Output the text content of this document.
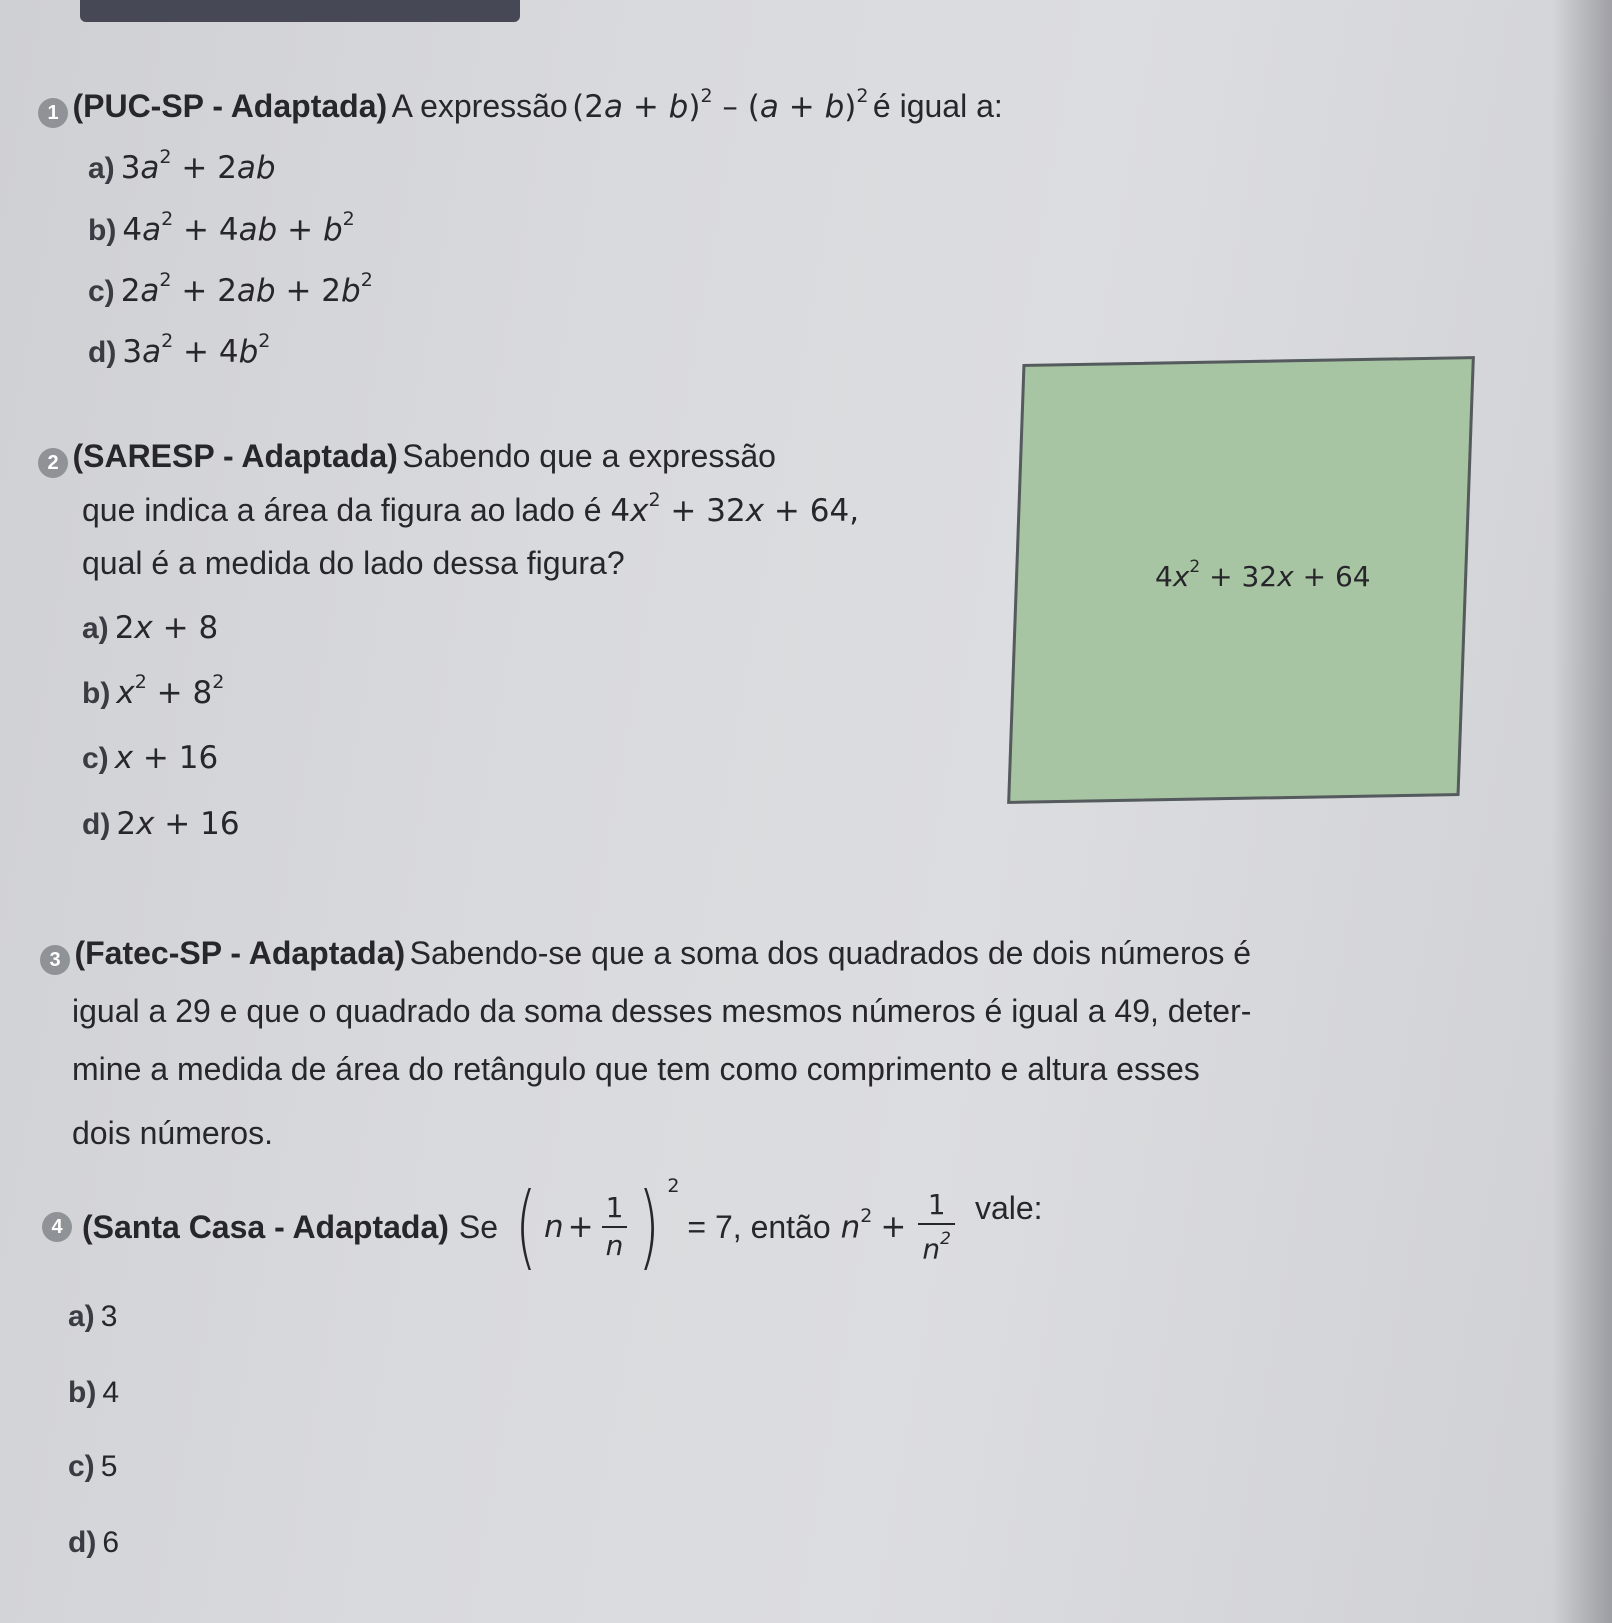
1 (PUC-SP - Adaptada) A expressão $(2a + b)^2 - (a + b)^2$ é igual a:
a) $3a^2 + 2ab$
b) $4a^2 + 4ab + b^2$
c) $2a^2 + 2ab + 2b^2$
d) $3a^2 + 4b^2$
2 (SARESP - Adaptada) Sabendo que a expressão
que indica a área da figura ao lado é $4x^2 + 32x + 64$,
qual é a medida do lado dessa figura?	$4x^2 + 32x + 64$
a) 2x + 8
b) $x^2 + 8^2$
c) x + 16
d) 2x + 16
3 (Fatec-SP - Adaptada) Sabendo-se que a soma dos quadrados de dois números é
igual a 29 e que o quadrado da soma desses mesmos números é igual a 49, deter-
mine a medida de área do retângulo que tem como comprimento e altura esses
dois números.
4 (Santa Casa - Adaptada) Se ( $n + \frac{1}{n}$ ) 2
= 7, então $n^2 + \frac{1}{n^2}$ vale:
a) 3
b) 4
c) 5
d) 6
